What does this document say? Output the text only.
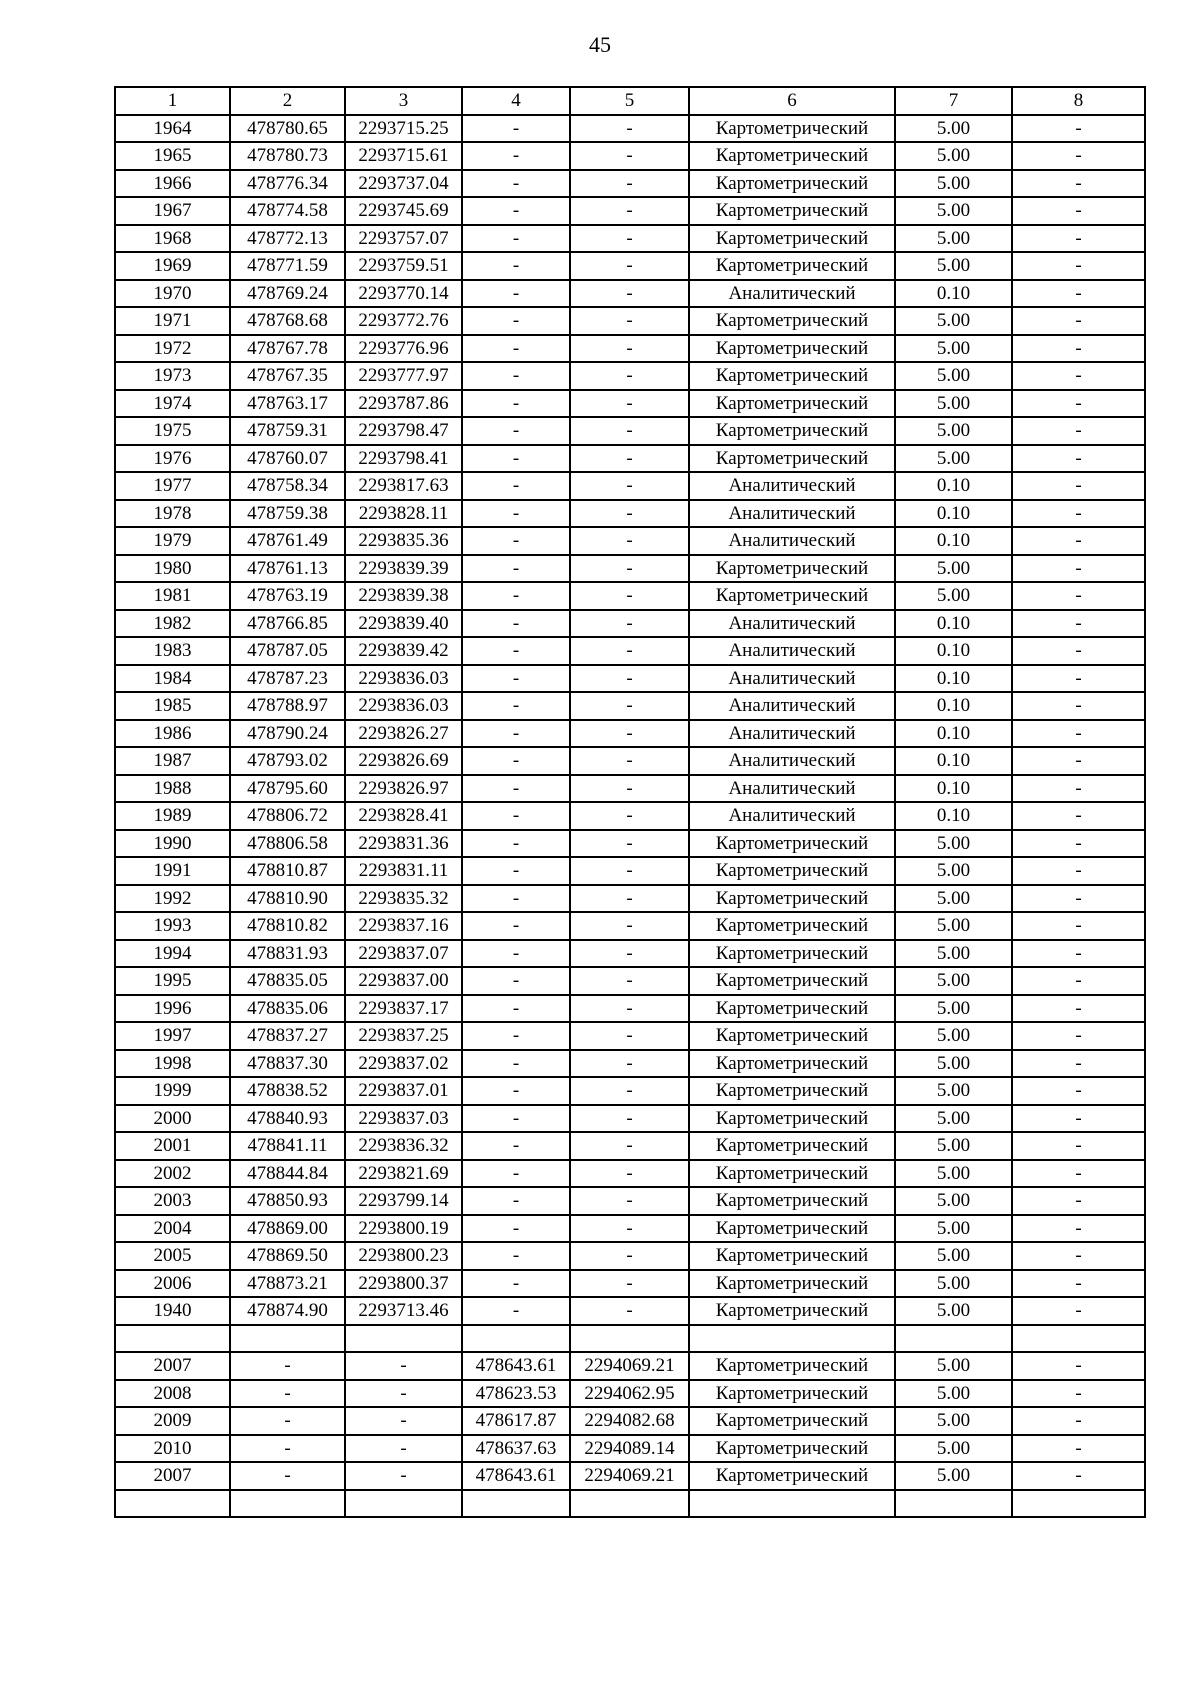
45
1	2	3	4	5	6	7	8
1964	478780.65	2293715.25	-	-	Картометрический	5.00	-
1965	478780.73	2293715.61	-	-	Картометрический	5.00	-
1966	478776.34	2293737.04	-	-	Картометрический	5.00	-
1967	478774.58	2293745.69	-	-	Картометрический	5.00	-
1968	478772.13	2293757.07	-	-	Картометрический	5.00	-
1969	478771.59	2293759.51	-	-	Картометрический	5.00	-
1970	478769.24	2293770.14	-	-	Аналитический	0.10	-
1971	478768.68	2293772.76	-	-	Картометрический	5.00	-
1972	478767.78	2293776.96	-	-	Картометрический	5.00	-
1973	478767.35	2293777.97	-	-	Картометрический	5.00	-
1974	478763.17	2293787.86	-	-	Картометрический	5.00	-
1975	478759.31	2293798.47	-	-	Картометрический	5.00	-
1976	478760.07	2293798.41	-	-	Картометрический	5.00	-
1977	478758.34	2293817.63	-	-	Аналитический	0.10	-
1978	478759.38	2293828.11	-	-	Аналитический	0.10	-
1979	478761.49	2293835.36	-	-	Аналитический	0.10	-
1980	478761.13	2293839.39	-	-	Картометрический	5.00	-
1981	478763.19	2293839.38	-	-	Картометрический	5.00	-
1982	478766.85	2293839.40	-	-	Аналитический	0.10	-
1983	478787.05	2293839.42	-	-	Аналитический	0.10	-
1984	478787.23	2293836.03	-	-	Аналитический	0.10	-
1985	478788.97	2293836.03	-	-	Аналитический	0.10	-
1986	478790.24	2293826.27	-	-	Аналитический	0.10	-
1987	478793.02	2293826.69	-	-	Аналитический	0.10	-
1988	478795.60	2293826.97	-	-	Аналитический	0.10	-
1989	478806.72	2293828.41	-	-	Аналитический	0.10	-
1990	478806.58	2293831.36	-	-	Картометрический	5.00	-
1991	478810.87	2293831.11	-	-	Картометрический	5.00	-
1992	478810.90	2293835.32	-	-	Картометрический	5.00	-
1993	478810.82	2293837.16	-	-	Картометрический	5.00	-
1994	478831.93	2293837.07	-	-	Картометрический	5.00	-
1995	478835.05	2293837.00	-	-	Картометрический	5.00	-
1996	478835.06	2293837.17	-	-	Картометрический	5.00	-
1997	478837.27	2293837.25	-	-	Картометрический	5.00	-
1998	478837.30	2293837.02	-	-	Картометрический	5.00	-
1999	478838.52	2293837.01	-	-	Картометрический	5.00	-
2000	478840.93	2293837.03	-	-	Картометрический	5.00	-
2001	478841.11	2293836.32	-	-	Картометрический	5.00	-
2002	478844.84	2293821.69	-	-	Картометрический	5.00	-
2003	478850.93	2293799.14	-	-	Картометрический	5.00	-
2004	478869.00	2293800.19	-	-	Картометрический	5.00	-
2005	478869.50	2293800.23	-	-	Картометрический	5.00	-
2006	478873.21	2293800.37	-	-	Картометрический	5.00	-
1940	478874.90	2293713.46	-	-	Картометрический	5.00	-

2007	-	-	478643.61	2294069.21	Картометрический	5.00	-
2008	-	-	478623.53	2294062.95	Картометрический	5.00	-
2009	-	-	478617.87	2294082.68	Картометрический	5.00	-
2010	-	-	478637.63	2294089.14	Картометрический	5.00	-
2007	-	-	478643.61	2294069.21	Картометрический	5.00	-
